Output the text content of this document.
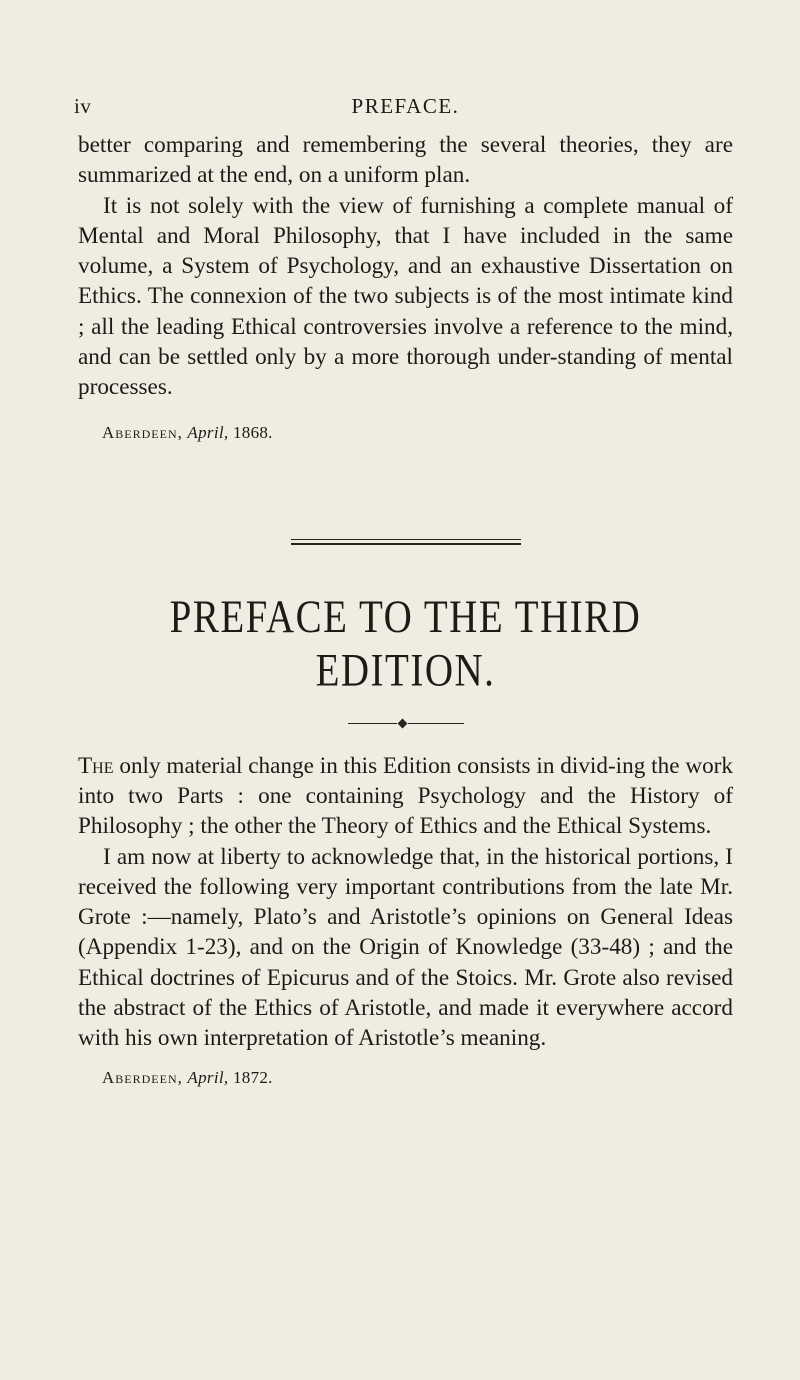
iv	PREFACE.

better comparing and remembering the several theories, they are summarized at the end, on a uniform plan.

It is not solely with the view of furnishing a complete manual of Mental and Moral Philosophy, that I have included in the same volume, a System of Psychology, and an exhaustive Dissertation on Ethics. The connexion of the two subjects is of the most intimate kind ; all the leading Ethical controversies involve a reference to the mind, and can be settled only by a more thorough under-standing of mental processes.

Aberdeen, April, 1868.
PREFACE TO THE THIRD EDITION.

The only material change in this Edition consists in divid-ing the work into two Parts : one containing Psychology and the History of Philosophy ; the other the Theory of Ethics and the Ethical Systems.

I am now at liberty to acknowledge that, in the historical portions, I received the following very important contributions from the late Mr. Grote :—namely, Plato’s and Aristotle’s opinions on General Ideas (Appendix 1-23), and on the Origin of Knowledge (33-48) ; and the Ethical doctrines of Epicurus and of the Stoics. Mr. Grote also revised the abstract of the Ethics of Aristotle, and made it everywhere accord with his own interpretation of Aristotle’s meaning.

Aberdeen, April, 1872.
